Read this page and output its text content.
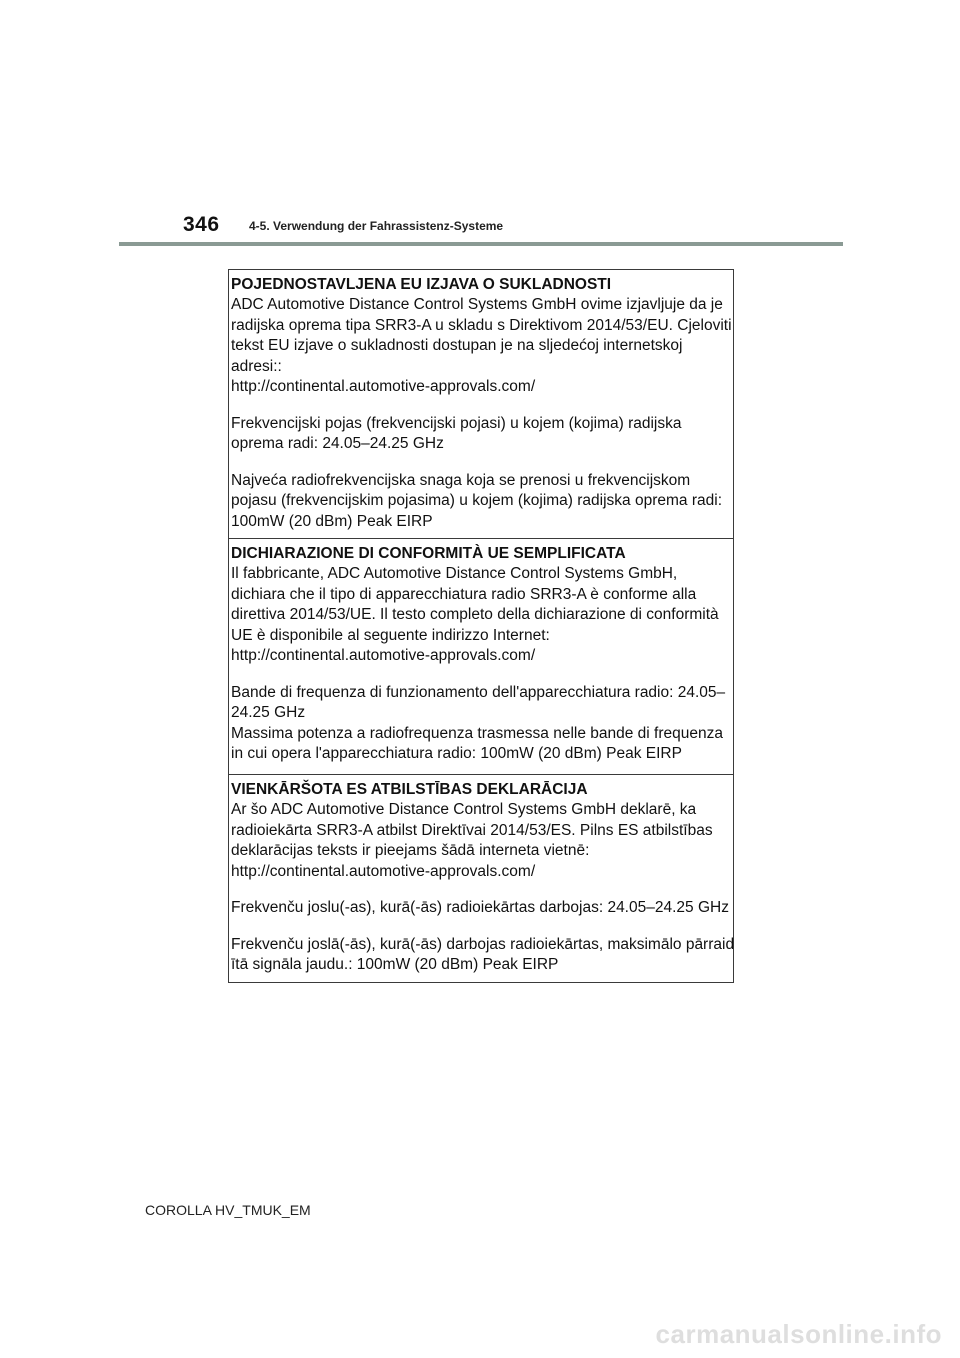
346 4-5. Verwendung der Fahrassistenz-Systeme
POJEDNOSTAVLJENA EU IZJAVA O SUKLADNOSTI
ADC Automotive Distance Control Systems GmbH ovime izjavljuje da je
radijska oprema tipa SRR3-A u skladu s Direktivom 2014/53/EU. Cjeloviti
tekst EU izjave o sukladnosti dostupan je na sljedećoj internetskoj
adresi::
http://continental.automotive-approvals.com/
Frekvencijski pojas (frekvencijski pojasi) u kojem (kojima) radijska
oprema radi: 24.05–24.25 GHz
Najveća radiofrekvencijska snaga koja se prenosi u frekvencijskom
pojasu (frekvencijskim pojasima) u kojem (kojima) radijska oprema radi:
100mW (20 dBm) Peak EIRP
DICHIARAZIONE DI CONFORMITÀ UE SEMPLIFICATA
Il fabbricante, ADC Automotive Distance Control Systems GmbH,
dichiara che il tipo di apparecchiatura radio SRR3-A è conforme alla
direttiva 2014/53/UE. Il testo completo della dichiarazione di conformità
UE è disponibile al seguente indirizzo Internet:
http://continental.automotive-approvals.com/
Bande di frequenza di funzionamento dell'apparecchiatura radio: 24.05–
24.25 GHz
Massima potenza a radiofrequenza trasmessa nelle bande di frequenza
in cui opera l'apparecchiatura radio: 100mW (20 dBm) Peak EIRP
VIENKĀRŠOTA ES ATBILSTĪBAS DEKLARĀCIJA
Ar šo ADC Automotive Distance Control Systems GmbH deklarē, ka
radioiekārta SRR3-A atbilst Direktīvai 2014/53/ES. Pilns ES atbilstības
deklarācijas teksts ir pieejams šādā interneta vietnē:
http://continental.automotive-approvals.com/
Frekvenču joslu(-as), kurā(-ās) radioiekārtas darbojas: 24.05–24.25 GHz
Frekvenču joslā(-ās), kurā(-ās) darbojas radioiekārtas, maksimālo pārraid
ītā signāla jaudu.: 100mW (20 dBm) Peak EIRP
COROLLA HV_TMUK_EM
carmanualsonline.info
